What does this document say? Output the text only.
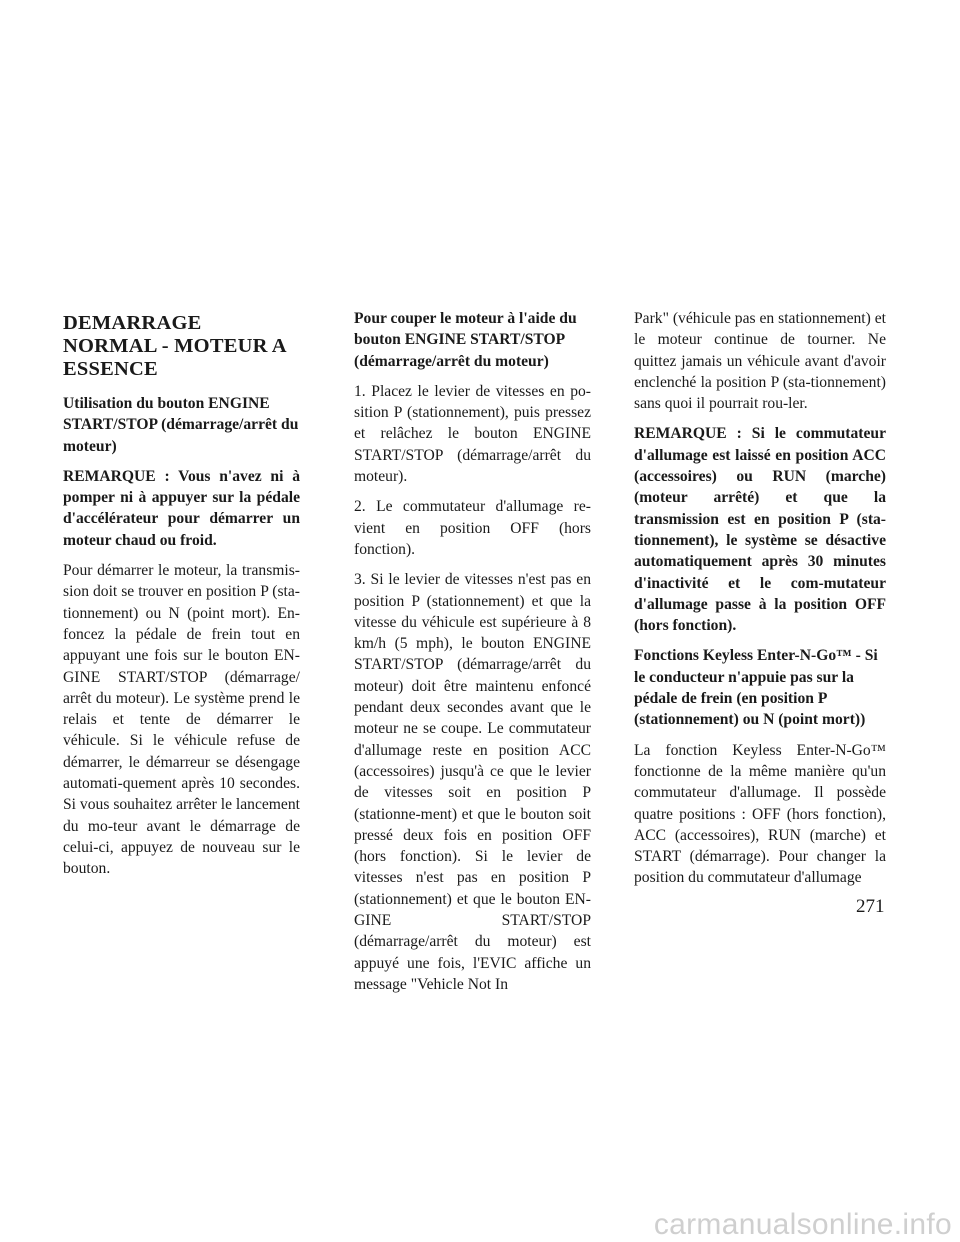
DEMARRAGE NORMAL - MOTEUR A ESSENCE

Utilisation du bouton ENGINE START/STOP (démarrage/arrêt du moteur)

REMARQUE : Vous n'avez ni à pomper ni à appuyer sur la pédale d'accélérateur pour démarrer un moteur chaud ou froid.

Pour démarrer le moteur, la transmis-sion doit se trouver en position P (sta-tionnement) ou N (point mort). En-foncez la pédale de frein tout en appuyant une fois sur le bouton EN-GINE START/STOP (démarrage/ arrêt du moteur). Le système prend le relais et tente de démarrer le véhicule. Si le véhicule refuse de démarrer, le démarreur se désengage automati-quement après 10 secondes. Si vous souhaitez arrêter le lancement du mo-teur avant le démarrage de celui-ci, appuyez de nouveau sur le bouton.

Pour couper le moteur à l'aide du bouton ENGINE START/STOP (démarrage/arrêt du moteur)

1. Placez le levier de vitesses en po-sition P (stationnement), puis pressez et relâchez le bouton ENGINE START/STOP (démarrage/arrêt du moteur).

2. Le commutateur d'allumage re-vient en position OFF (hors fonction).

3. Si le levier de vitesses n'est pas en position P (stationnement) et que la vitesse du véhicule est supérieure à 8 km/h (5 mph), le bouton ENGINE START/STOP (démarrage/arrêt du moteur) doit être maintenu enfoncé pendant deux secondes avant que le moteur ne se coupe. Le commutateur d'allumage reste en position ACC (accessoires) jusqu'à ce que le levier de vitesses soit en position P (stationne-ment) et que le bouton soit pressé deux fois en position OFF (hors fonction). Si le levier de vitesses n'est pas en position P (stationnement) et que le bouton EN-GINE START/STOP (démarrage/arrêt du moteur) est appuyé une fois, l'EVIC affiche un message "Vehicle Not In

Park" (véhicule pas en stationnement) et le moteur continue de tourner. Ne quittez jamais un véhicule avant d'avoir enclenché la position P (sta-tionnement) sans quoi il pourrait rou-ler.

REMARQUE : Si le commutateur d'allumage est laissé en position ACC (accessoires) ou RUN (marche) (moteur arrêté) et que la transmission est en position P (sta-tionnement), le système se désactive automatiquement après 30 minutes d'inactivité et le com-mutateur d'allumage passe à la position OFF (hors fonction).

Fonctions Keyless Enter-N-Go™ - Si le conducteur n'appuie pas sur la pédale de frein (en position P (stationnement) ou N (point mort))

La fonction Keyless Enter-N-Go™ fonctionne de la même manière qu'un commutateur d'allumage. Il possède quatre positions : OFF (hors fonction), ACC (accessoires), RUN (marche) et START (démarrage). Pour changer la position du commutateur d'allumage

271
carmanualsonline.info
